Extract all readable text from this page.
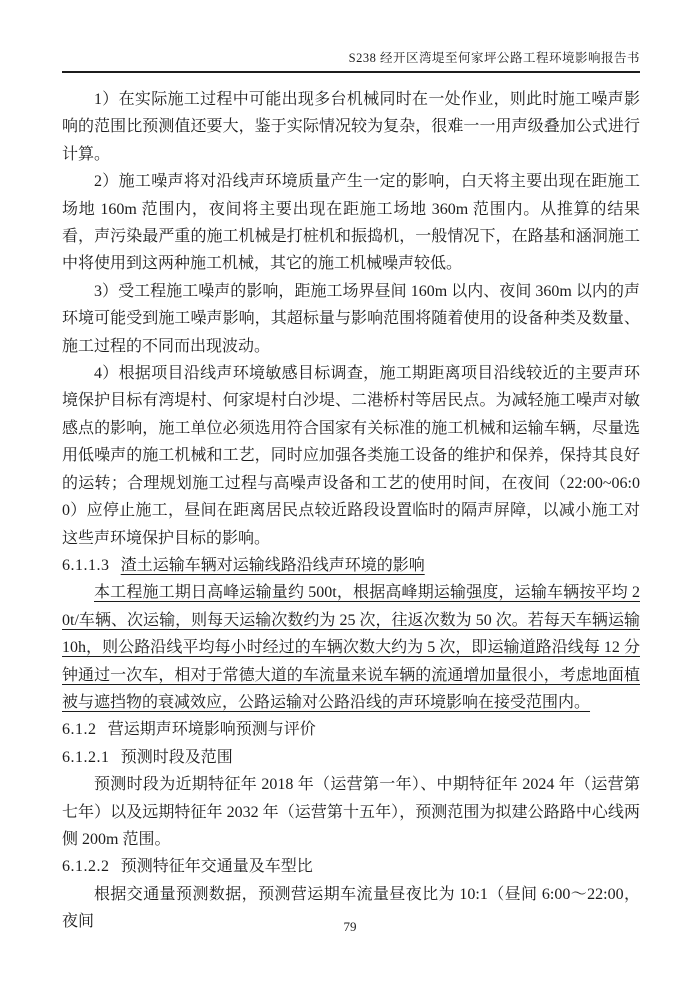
S238 经开区湾堤至何家坪公路工程环境影响报告书

1）在实际施工过程中可能出现多台机械同时在一处作业，则此时施工噪声影响的范围比预测值还要大，鉴于实际情况较为复杂，很难一一用声级叠加公式进行计算。

2）施工噪声将对沿线声环境质量产生一定的影响，白天将主要出现在距施工场地 160m 范围内，夜间将主要出现在距施工场地 360m 范围内。从推算的结果看，声污染最严重的施工机械是打桩机和振捣机，一般情况下，在路基和涵洞施工中将使用到这两种施工机械，其它的施工机械噪声较低。

3）受工程施工噪声的影响，距施工场界昼间 160m 以内、夜间 360m 以内的声环境可能受到施工噪声影响，其超标量与影响范围将随着使用的设备种类及数量、施工过程的不同而出现波动。

4）根据项目沿线声环境敏感目标调查，施工期距离项目沿线较近的主要声环境保护目标有湾堤村、何家堤村白沙堤、二港桥村等居民点。为减轻施工噪声对敏感点的影响，施工单位必须选用符合国家有关标准的施工机械和运输车辆，尽量选用低噪声的施工机械和工艺，同时应加强各类施工设备的维护和保养，保持其良好的运转；合理规划施工过程与高噪声设备和工艺的使用时间，在夜间（22:00~06:00）应停止施工，昼间在距离居民点较近路段设置临时的隔声屏障，以减小施工对这些声环境保护目标的影响。

6.1.1.3 渣土运输车辆对运输线路沿线声环境的影响

本工程施工期日高峰运输量约 500t，根据高峰期运输强度，运输车辆按平均 20t/车辆、次运输，则每天运输次数约为 25 次，往返次数为 50 次。若每天车辆运输 10h，则公路沿线平均每小时经过的车辆次数大约为 5 次，即运输道路沿线每 12 分钟通过一次车，相对于常德大道的车流量来说车辆的流通增加量很小，考虑地面植被与遮挡物的衰减效应，公路运输对公路沿线的声环境影响在接受范围内。

6.1.2 营运期声环境影响预测与评价
6.1.2.1 预测时段及范围

预测时段为近期特征年 2018 年（运营第一年）、中期特征年 2024 年（运营第七年）以及远期特征年 2032 年（运营第十五年），预测范围为拟建公路路中心线两侧 200m 范围。

6.1.2.2 预测特征年交通量及车型比

根据交通量预测数据，预测营运期车流量昼夜比为 10:1（昼间 6:00～22:00，夜间	79
